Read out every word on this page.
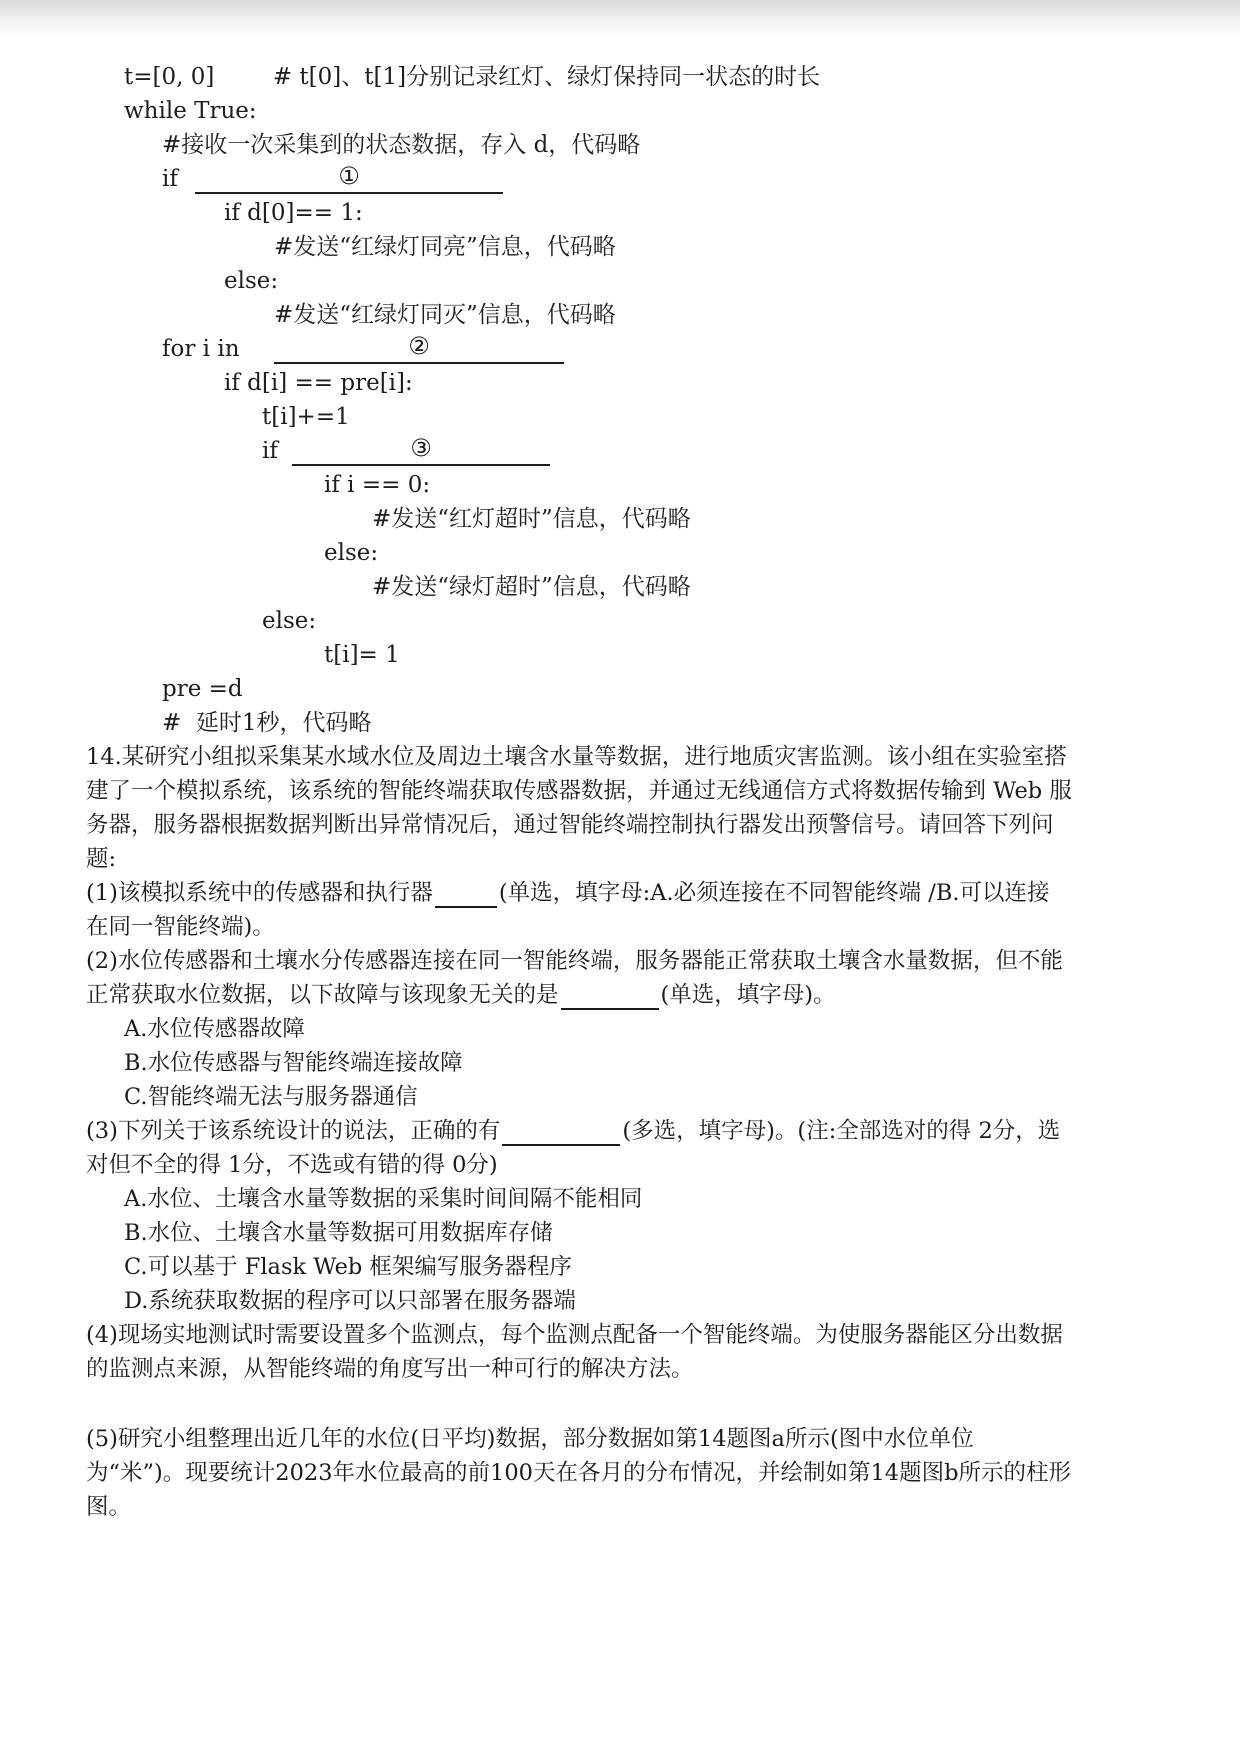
t=[0, 0]        # t[0]、t[1]分别记录红灯、绿灯保持同一状态的时长
while True:
#接收一次采集到的状态数据，存入 d，代码略
if	①
if d[0]== 1:
#发送“红绿灯同亮”信息，代码略
else:
#发送“红绿灯同灭”信息，代码略
for i in	②
if d[i] == pre[i]:
t[i]+=1
if	③
if i == 0:
#发送“红灯超时”信息，代码略
else:
#发送“绿灯超时”信息，代码略
else:
t[i]= 1
pre =d
#  延时1秒，代码略
14.某研究小组拟采集某水域水位及周边土壤含水量等数据，进行地质灾害监测。该小组在实验室搭
建了一个模拟系统，该系统的智能终端获取传感器数据，并通过无线通信方式将数据传输到 Web 服
务器，服务器根据数据判断出异常情况后，通过智能终端控制执行器发出预警信号。请回答下列问
题:
(1)该模拟系统中的传感器和执行器	(单选，填字母:A.必须连接在不同智能终端 /B.可以连接
在同一智能终端)。
(2)水位传感器和土壤水分传感器连接在同一智能终端，服务器能正常获取土壤含水量数据，但不能
正常获取水位数据，以下故障与该现象无关的是	(单选，填字母)。
A.水位传感器故障
B.水位传感器与智能终端连接故障
C.智能终端无法与服务器通信
(3)下列关于该系统设计的说法，正确的有	(多选，填字母)。(注:全部选对的得 2分，选
对但不全的得 1分，不选或有错的得 0分)
A.水位、土壤含水量等数据的采集时间间隔不能相同
B.水位、土壤含水量等数据可用数据库存储
C.可以基于 Flask Web 框架编写服务器程序
D.系统获取数据的程序可以只部署在服务器端
(4)现场实地测试时需要设置多个监测点，每个监测点配备一个智能终端。为使服务器能区分出数据
的监测点来源，从智能终端的角度写出一种可行的解决方法。
(5)研究小组整理出近几年的水位(日平均)数据，部分数据如第14题图a所示(图中水位单位
为“米”)。现要统计2023年水位最高的前100天在各月的分布情况，并绘制如第14题图b所示的柱形
图。
